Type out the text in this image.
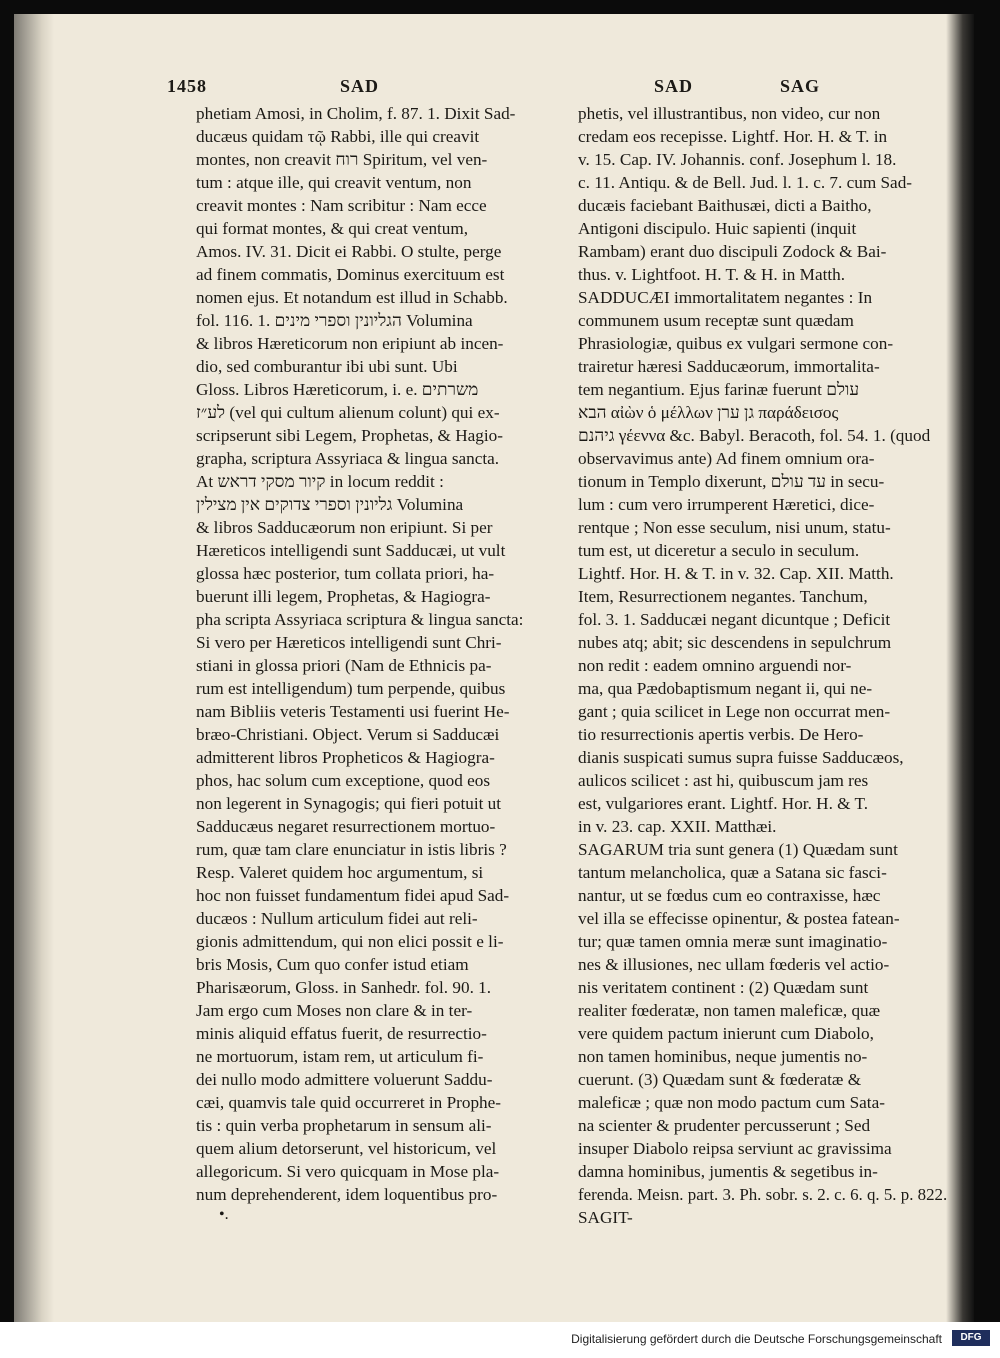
1458	SAD	SAD	SAG
phetiam Amosi, in Cholim, f. 87. 1. Dixit Sad-
ducæus quidam τῷ Rabbi, ille qui creavit
montes, non creavit רוח Spiritum, vel ven-
tum : atque ille, qui creavit ventum, non
creavit montes : Nam scribitur : Nam ecce
qui format montes, & qui creat ventum,
Amos. IV. 31. Dicit ei Rabbi. O stulte, perge
ad finem commatis, Dominus exercituum est
nomen ejus. Et notandum est illud in Schabb.
fol. 116. 1. הגליונין וספרי מינים Volumina
& libros Hæreticorum non eripiunt ab incen-
dio, sed comburantur ibi ubi sunt. Ubi
Gloss. Libros Hæreticorum, i. e. משרתים
לע״ז (vel qui cultum alienum colunt) qui ex-
scripserunt sibi Legem, Prophetas, & Hagio-
grapha, scriptura Assyriaca & lingua sancta.
At קיור מסקי דראש in locum reddit :
גליונין וספרי צדוקים אין מצילין Volumina
& libros Sadducæorum non eripiunt. Si per
Hæreticos intelligendi sunt Sadducæi, ut vult
glossa hæc posterior, tum collata priori, ha-
buerunt illi legem, Prophetas, & Hagiogra-
pha scripta Assyriaca scriptura & lingua sancta:
Si vero per Hæreticos intelligendi sunt Chri-
stiani in glossa priori (Nam de Ethnicis pa-
rum est intelligendum) tum perpende, quibus
nam Bibliis veteris Testamenti usi fuerint He-
bræo-Christiani. Object. Verum si Sadducæi
admitterent libros Propheticos & Hagiogra-
phos, hac solum cum exceptione, quod eos
non legerent in Synagogis; qui fieri potuit ut
Sadducæus negaret resurrectionem mortuo-
rum, quæ tam clare enunciatur in istis libris ?
Resp. Valeret quidem hoc argumentum, si
hoc non fuisset fundamentum fidei apud Sad-
ducæos : Nullum articulum fidei aut reli-
gionis admittendum, qui non elici possit e li-
bris Mosis, Cum quo confer istud etiam
Pharisæorum, Gloss. in Sanhedr. fol. 90. 1.
Jam ergo cum Moses non clare & in ter-
minis aliquid effatus fuerit, de resurrectio-
ne mortuorum, istam rem, ut articulum fi-
dei nullo modo admittere voluerunt Saddu-
cæi, quamvis tale quid occurreret in Prophe-
tis : quin verba prophetarum in sensum ali-
quem alium detorserunt, vel historicum, vel
allegoricum. Si vero quicquam in Mose pla-
num deprehenderent, idem loquentibus pro-
phetis, vel illustrantibus, non video, cur non
credam eos recepisse. Lightf. Hor. H. & T. in
v. 15. Cap. IV. Johannis. conf. Josephum l. 18.
c. 11. Antiqu. & de Bell. Jud. l. 1. c. 7. cum Sad-
ducæis faciebant Baithusæi, dicti a Baitho,
Antigoni discipulo. Huic sapienti (inquit
Rambam) erant duo discipuli Zodock & Bai-
thus. v. Lightfoot. H. T. & H. in Matth.
SADDUCÆI immortalitatem negantes : In
communem usum receptæ sunt quædam
Phrasiologiæ, quibus ex vulgari sermone con-
trairetur hæresi Sadducæorum, immortalita-
tem negantium. Ejus farinæ fuerunt עולם
הבא αἰὼν ὁ μέλλων גן ערן παράδεισος
גיהנם γέεννα &c. Babyl. Beracoth, fol. 54. 1. (quod
observavimus ante) Ad finem omnium ora-
tionum in Templo dixerunt, עד עולם in secu-
lum : cum vero irrumperent Hæretici, dice-
rentque ; Non esse seculum, nisi unum, statu-
tum est, ut diceretur a seculo in seculum.
Lightf. Hor. H. & T. in v. 32. Cap. XII. Matth.
Item, Resurrectionem negantes. Tanchum,
fol. 3. 1. Sadducæi negant dicuntque ; Deficit
nubes atq; abit; sic descendens in sepulchrum
non redit : eadem omnino arguendi nor-
ma, qua Pædobaptismum negant ii, qui ne-
gant ; quia scilicet in Lege non occurrat men-
tio resurrectionis apertis verbis. De Hero-
dianis suspicati sumus supra fuisse Sadducæos,
aulicos scilicet : ast hi, quibuscum jam res
est, vulgariores erant. Lightf. Hor. H. & T.
in v. 23. cap. XXII. Matthæi.
SAGARUM tria sunt genera (1) Quædam sunt
tantum melancholica, quæ a Satana sic fasci-
nantur, ut se fœdus cum eo contraxisse, hæc
vel illa se effecisse opinentur, & postea fatean-
tur; quæ tamen omnia meræ sunt imaginatio-
nes & illusiones, nec ullam fœderis vel actio-
nis veritatem continent : (2) Quædam sunt
realiter fœderatæ, non tamen maleficæ, quæ
vere quidem pactum inierunt cum Diabolo,
non tamen hominibus, neque jumentis no-
cuerunt. (3) Quædam sunt & fœderatæ &
maleficæ ; quæ non modo pactum cum Sata-
na scienter & prudenter percusserunt ; Sed
insuper Diabolo reipsa serviunt ac gravissima
damna hominibus, jumentis & segetibus in-
ferenda. Meisn. part. 3. Ph. sobr. s. 2. c. 6. q. 5. p. 822.
SAGIT-
•.
Digitalisierung gefördert durch die Deutsche Forschungsgemeinschaft	DFG
